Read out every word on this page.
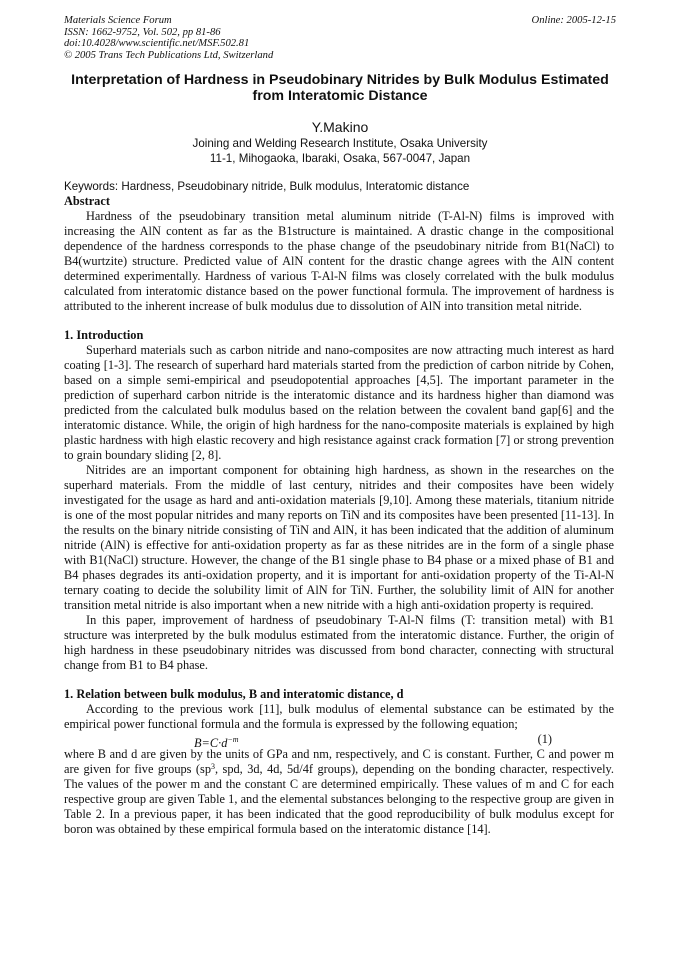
Materials Science Forum
ISSN: 1662-9752, Vol. 502, pp 81-86
doi:10.4028/www.scientific.net/MSF.502.81
© 2005 Trans Tech Publications Ltd, Switzerland
Online: 2005-12-15
Interpretation of Hardness in Pseudobinary Nitrides by Bulk Modulus Estimated from Interatomic Distance
Y.Makino
Joining and Welding Research Institute, Osaka University
11-1, Mihogaoka, Ibaraki, Osaka, 567-0047, Japan
Keywords: Hardness, Pseudobinary nitride, Bulk modulus, Interatomic distance
Abstract

Hardness of the pseudobinary transition metal aluminum nitride (T-Al-N) films is improved with increasing the AlN content as far as the B1structure is maintained. A drastic change in the compositional dependence of the hardness corresponds to the phase change of the pseudobinary nitride from B1(NaCl) to B4(wurtzite) structure. Predicted value of AlN content for the drastic change agrees with the AlN content determined experimentally. Hardness of various T-Al-N films was closely correlated with the bulk modulus calculated from interatomic distance based on the power functional formula. The improvement of hardness is attributed to the inherent increase of bulk modulus due to dissolution of AlN into transition metal nitride.

1. Introduction

Superhard materials such as carbon nitride and nano-composites are now attracting much interest as hard coating [1-3]. The research of superhard hard materials started from the prediction of carbon nitride by Cohen, based on a simple semi-empirical and pseudopotential approaches [4,5]. The important parameter in the prediction of superhard carbon nitride is the interatomic distance and its hardness higher than diamond was predicted from the calculated bulk modulus based on the relation between the covalent band gap[6] and the interatomic distance. While, the origin of high hardness for the nano-composite materials is explained by high plastic hardness with high elastic recovery and high resistance against crack formation [7] or strong prevention to grain boundary sliding [2, 8].

Nitrides are an important component for obtaining high hardness, as shown in the researches on the superhard materials. From the middle of last century, nitrides and their composites have been widely investigated for the usage as hard and anti-oxidation materials [9,10]. Among these materials, titanium nitride is one of the most popular nitrides and many reports on TiN and its composites have been presented [11-13]. In the results on the binary nitride consisting of TiN and AlN, it has been indicated that the addition of aluminum nitride (AlN) is effective for anti-oxidation property as far as these nitrides are in the form of a single phase with B1(NaCl) structure. However, the change of the B1 single phase to B4 phase or a mixed phase of B1 and B4 phases degrades its anti-oxidation property, and it is important for anti-oxidation property of the Ti-Al-N ternary coating to decide the solubility limit of AlN for TiN. Further, the solubility limit of AlN for another transition metal nitride is also important when a new nitride with a high anti-oxidation property is required.

In this paper, improvement of hardness of pseudobinary T-Al-N films (T: transition metal) with B1 structure was interpreted by the bulk modulus estimated from the interatomic distance. Further, the origin of high hardness in these pseudobinary nitrides was discussed from bond character, connecting with structural change from B1 to B4 phase.

1. Relation between bulk modulus, B and interatomic distance, d

According to the previous work [11], bulk modulus of elemental substance can be estimated by the empirical power functional formula and the formula is expressed by the following equation;

$B=C\cdot d^{-m}$	(1)

where B and d are given by the units of GPa and nm, respectively, and C is constant. Further, C and power m are given for five groups ($sp^3$, spd, 3d, 4d, 5d/4f groups), depending on the bonding character, respectively. The values of the power m and the constant C are determined empirically. These values of m and C for each respective group are given Table 1, and the elemental substances belonging to the respective group are given in Table 2. In a previous paper, it has been indicated that the good reproducibility of bulk modulus except for boron was obtained by these empirical formula based on the interatomic distance [14].
